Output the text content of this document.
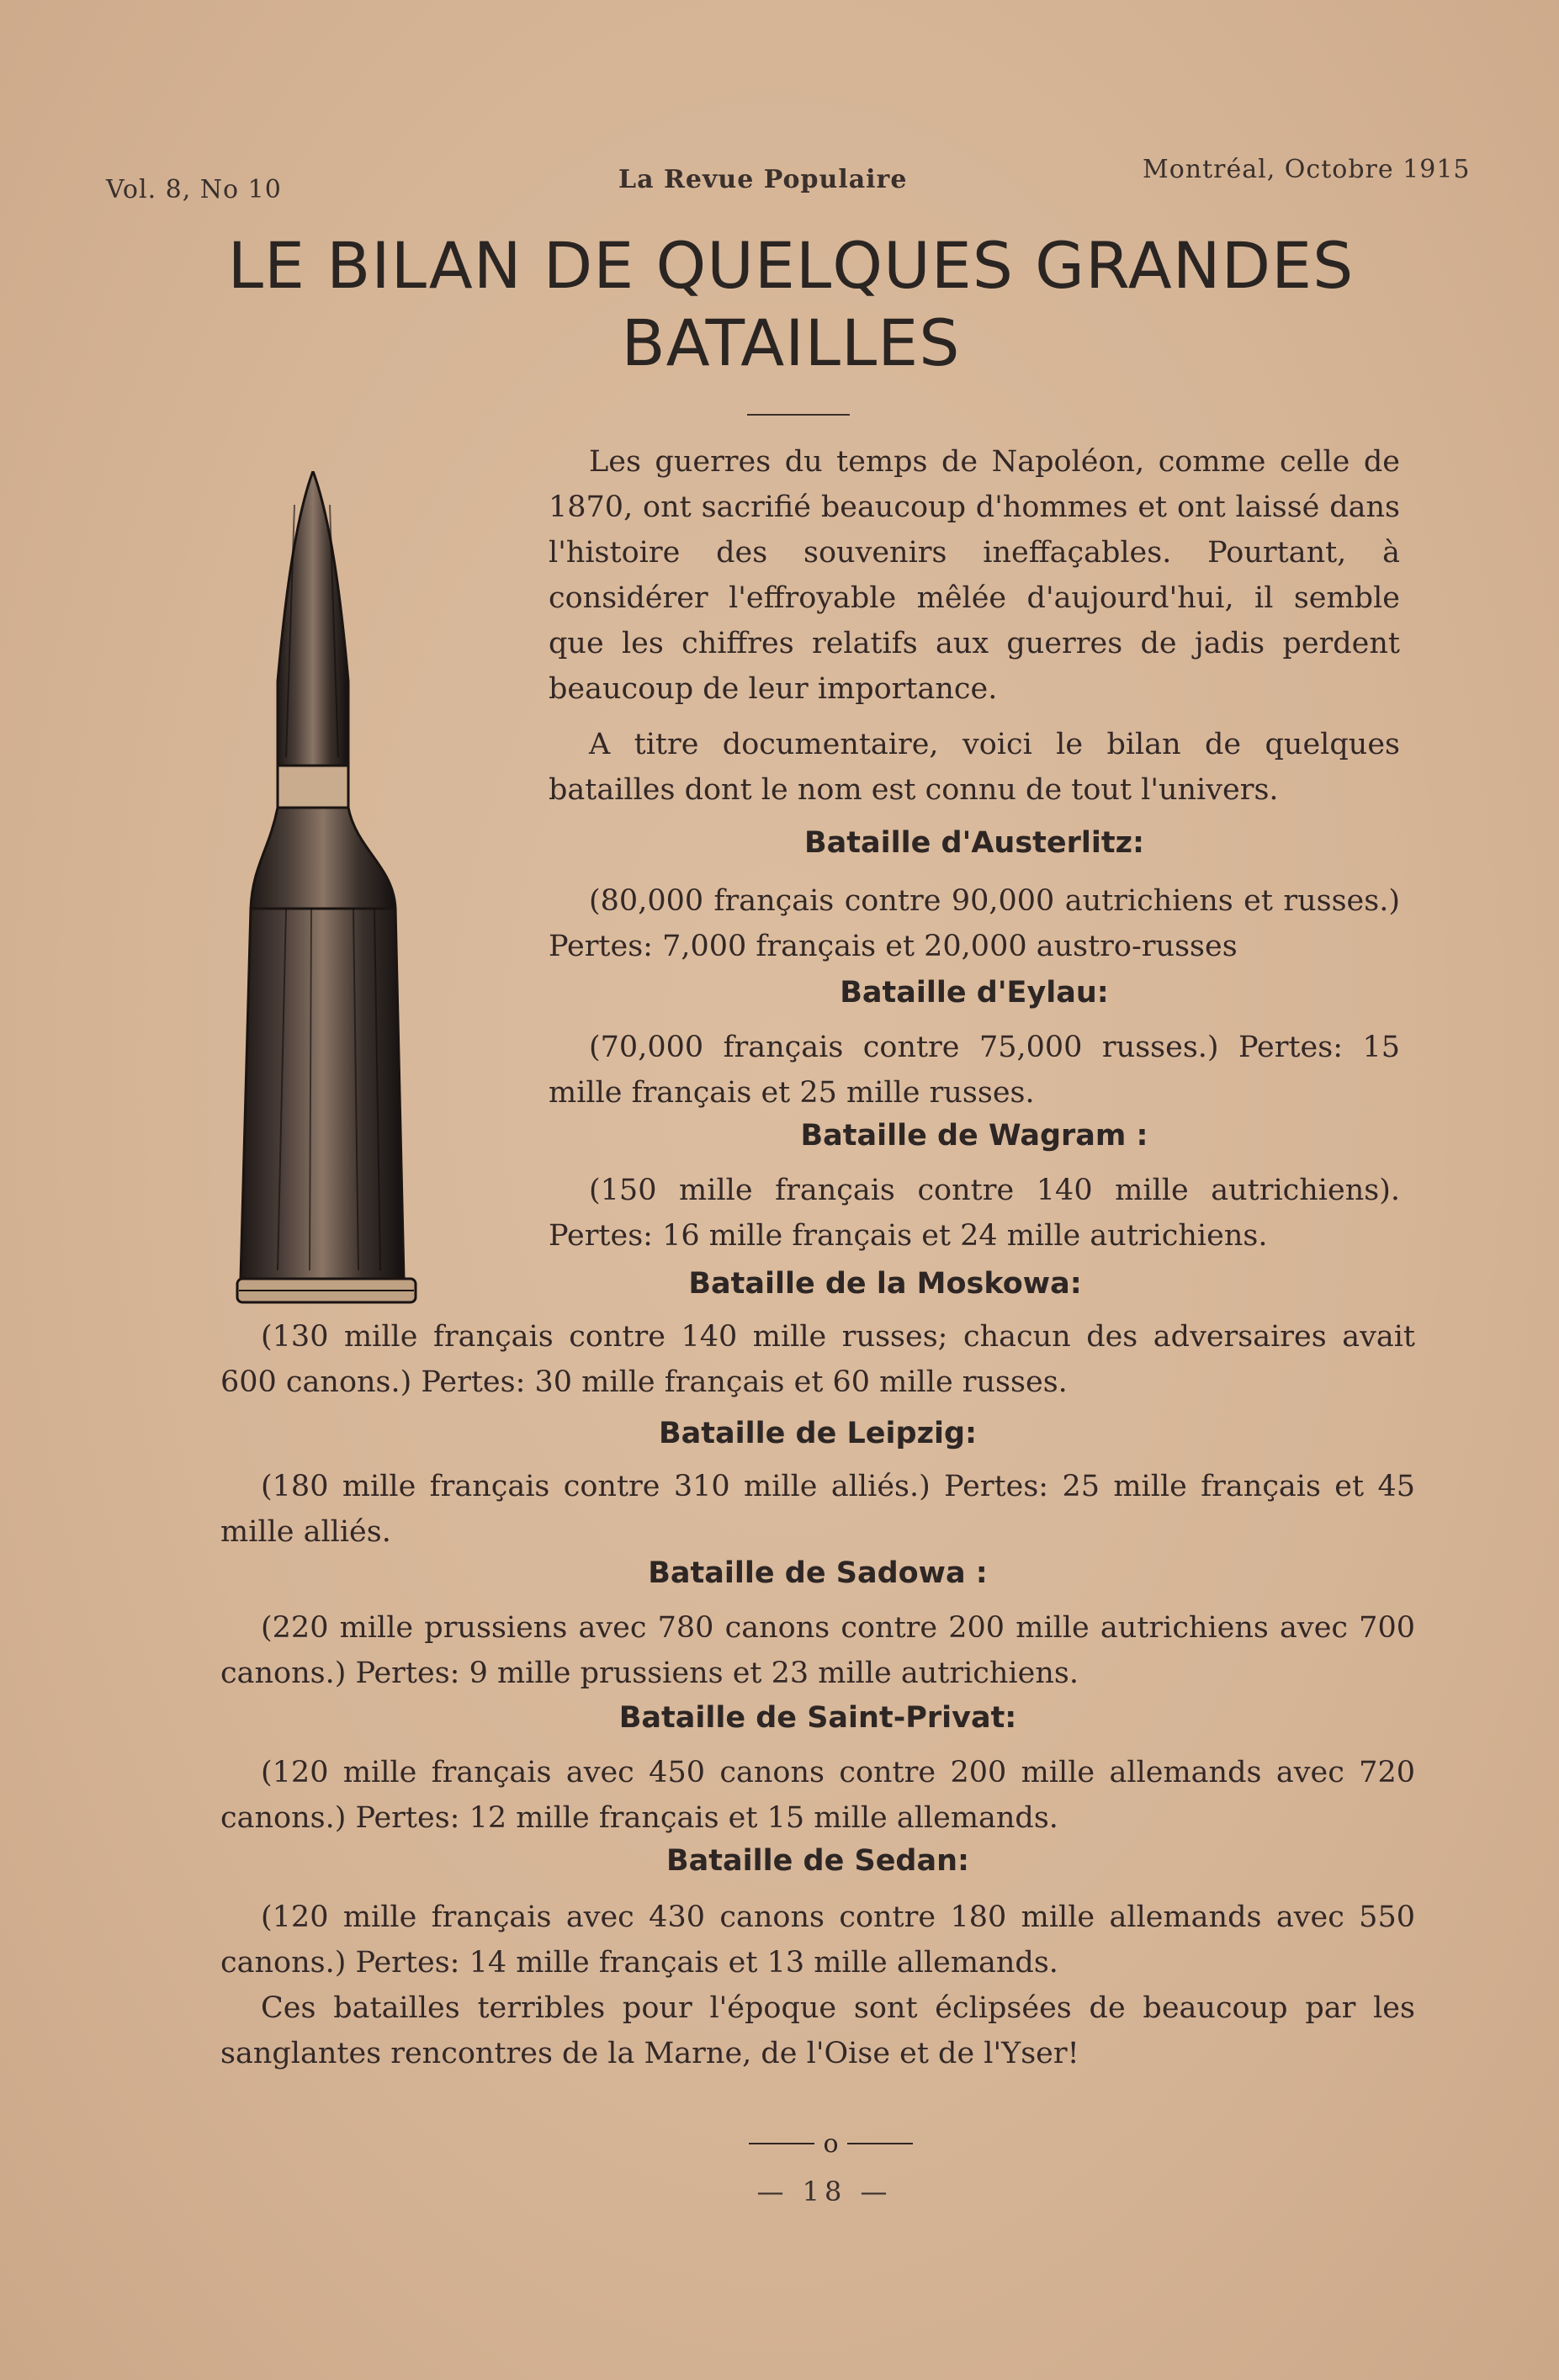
Vol. 8, No 10	La Revue Populaire	Montréal, Octobre 1915
LE BILAN DE QUELQUES GRANDES BATAILLES

Les guerres du temps de Napoléon, comme celle de 1870, ont sacrifié beaucoup d'hommes et ont laissé dans l'histoire des souvenirs ineffaçables. Pourtant, à considérer l'effroyable mêlée d'aujourd'hui, il semble que les chiffres relatifs aux guerres de jadis perdent beaucoup de leur importance.

A titre documentaire, voici le bilan de quelques batailles dont le nom est connu de tout l'univers.

Bataille d'Austerlitz:

(80,000 français contre 90,000 autrichiens et russes.) Pertes: 7,000 français et 20,000 austro-russes

Bataille d'Eylau:

(70,000 français contre 75,000 russes.) Pertes: 15 mille français et 25 mille russes.

Bataille de Wagram :

(150 mille français contre 140 mille autrichiens). Pertes: 16 mille français et 24 mille autrichiens.

Bataille de la Moskowa:

(130 mille français contre 140 mille russes; chacun des adversaires avait 600 canons.) Pertes: 30 mille français et 60 mille russes.

Bataille de Leipzig:

(180 mille français contre 310 mille alliés.) Pertes: 25 mille français et 45 mille alliés.

Bataille de Sadowa :

(220 mille prussiens avec 780 canons contre 200 mille autrichiens avec 700 canons.) Pertes: 9 mille prussiens et 23 mille autrichiens.

Bataille de Saint-Privat:

(120 mille français avec 450 canons contre 200 mille allemands avec 720 canons.) Pertes: 12 mille français et 15 mille allemands.

Bataille de Sedan:

(120 mille français avec 430 canons contre 180 mille allemands avec 550 canons.) Pertes: 14 mille français et 13 mille allemands.

Ces batailles terribles pour l'époque sont éclipsées de beaucoup par les sanglantes rencontres de la Marne, de l'Oise et de l'Yser!

o
— 18 —
